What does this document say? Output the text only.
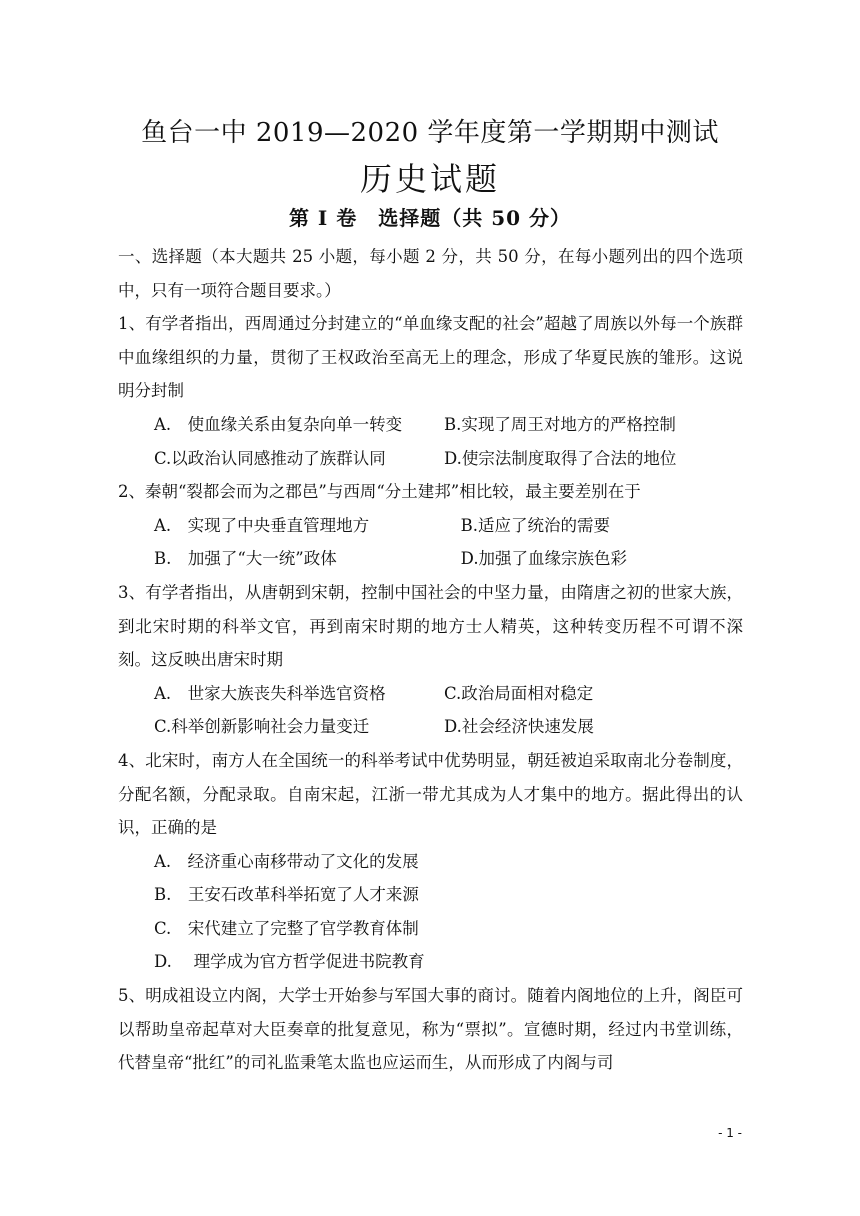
鱼台一中 2019—2020 学年度第一学期期中测试
历史试题
第 I 卷　选择题（共 50 分）

一、选择题（本大题共 25 小题，每小题 2 分，共 50 分，在每小题列出的四个选项中，只有一项符合题目要求。）

1、有学者指出，西周通过分封建立的“单血缘支配的社会”超越了周族以外每一个族群中血缘组织的力量，贯彻了王权政治至高无上的理念，形成了华夏民族的雏形。这说明分封制

A.　使血缘关系由复杂向单一转变	B.实现了周王对地方的严格控制
C.以政治认同感推动了族群认同	D.使宗法制度取得了合法的地位

2、秦朝“裂都会而为之郡邑”与西周“分土建邦”相比较，最主要差别在于

A.　实现了中央垂直管理地方	B.适应了统治的需要
B.　加强了“大一统”政体	D.加强了血缘宗族色彩

3、有学者指出，从唐朝到宋朝，控制中国社会的中坚力量，由隋唐之初的世家大族，到北宋时期的科举文官，再到南宋时期的地方士人精英，这种转变历程不可谓不深刻。这反映出唐宋时期

A.　世家大族丧失科举选官资格	C.政治局面相对稳定
C.科举创新影响社会力量变迁	D.社会经济快速发展

4、北宋时，南方人在全国统一的科举考试中优势明显，朝廷被迫采取南北分卷制度，分配名额，分配录取。自南宋起，江浙一带尤其成为人才集中的地方。据此得出的认识，正确的是

A.　经济重心南移带动了文化的发展
B.　王安石改革科举拓宽了人才来源
C.　宋代建立了完整了官学教育体制
D.　 理学成为官方哲学促进书院教育

5、明成祖设立内阁，大学士开始参与军国大事的商讨。随着内阁地位的上升，阁臣可以帮助皇帝起草对大臣奏章的批复意见，称为“票拟”。宣德时期，经过内书堂训练，代替皇帝“批红”的司礼监秉笔太监也应运而生，从而形成了内阁与司

- 1 -
